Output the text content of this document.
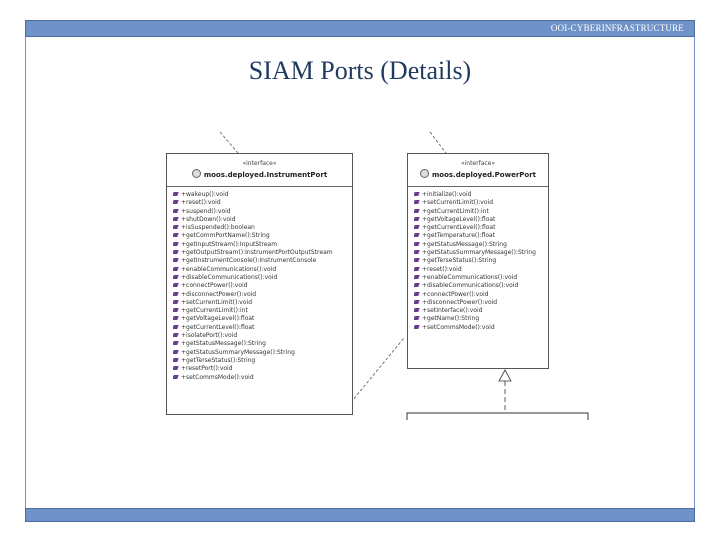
OOI-CYBERINFRASTRUCTURE
SIAM Ports (Details)
«interface»
moos.deployed.InstrumentPort
+wakeup():void
+reset():void
+suspend():void
+shutDown():void
+isSuspended():boolean
+getCommPortName():String
+getInputStream():InputStream
+getOutputStream():InstrumentPortOutputStream
+getInstrumentConsole():InstrumentConsole
+enableCommunications():void
+disableCommunications():void
+connectPower():void
+disconnectPower():void
+setCurrentLimit():void
+getCurrentLimit():int
+getVoltageLevel():float
+getCurrentLevel():float
+isolatePort():void
+getStatusMessage():String
+getStatusSummaryMessage():String
+getTerseStatus():String
+resetPort():void
+setCommsMode():void
«interface»
moos.deployed.PowerPort
+initialize():void
+setCurrentLimit():void
+getCurrentLimit():int
+getVoltageLevel():float
+getCurrentLevel():float
+getTemperature():float
+getStatusMessage():String
+getStatusSummaryMessage():String
+getTerseStatus():String
+reset():void
+enableCommunications():void
+disableCommunications():void
+connectPower():void
+disconnectPower():void
+setInterface():void
+getName():String
+setCommsMode():void
